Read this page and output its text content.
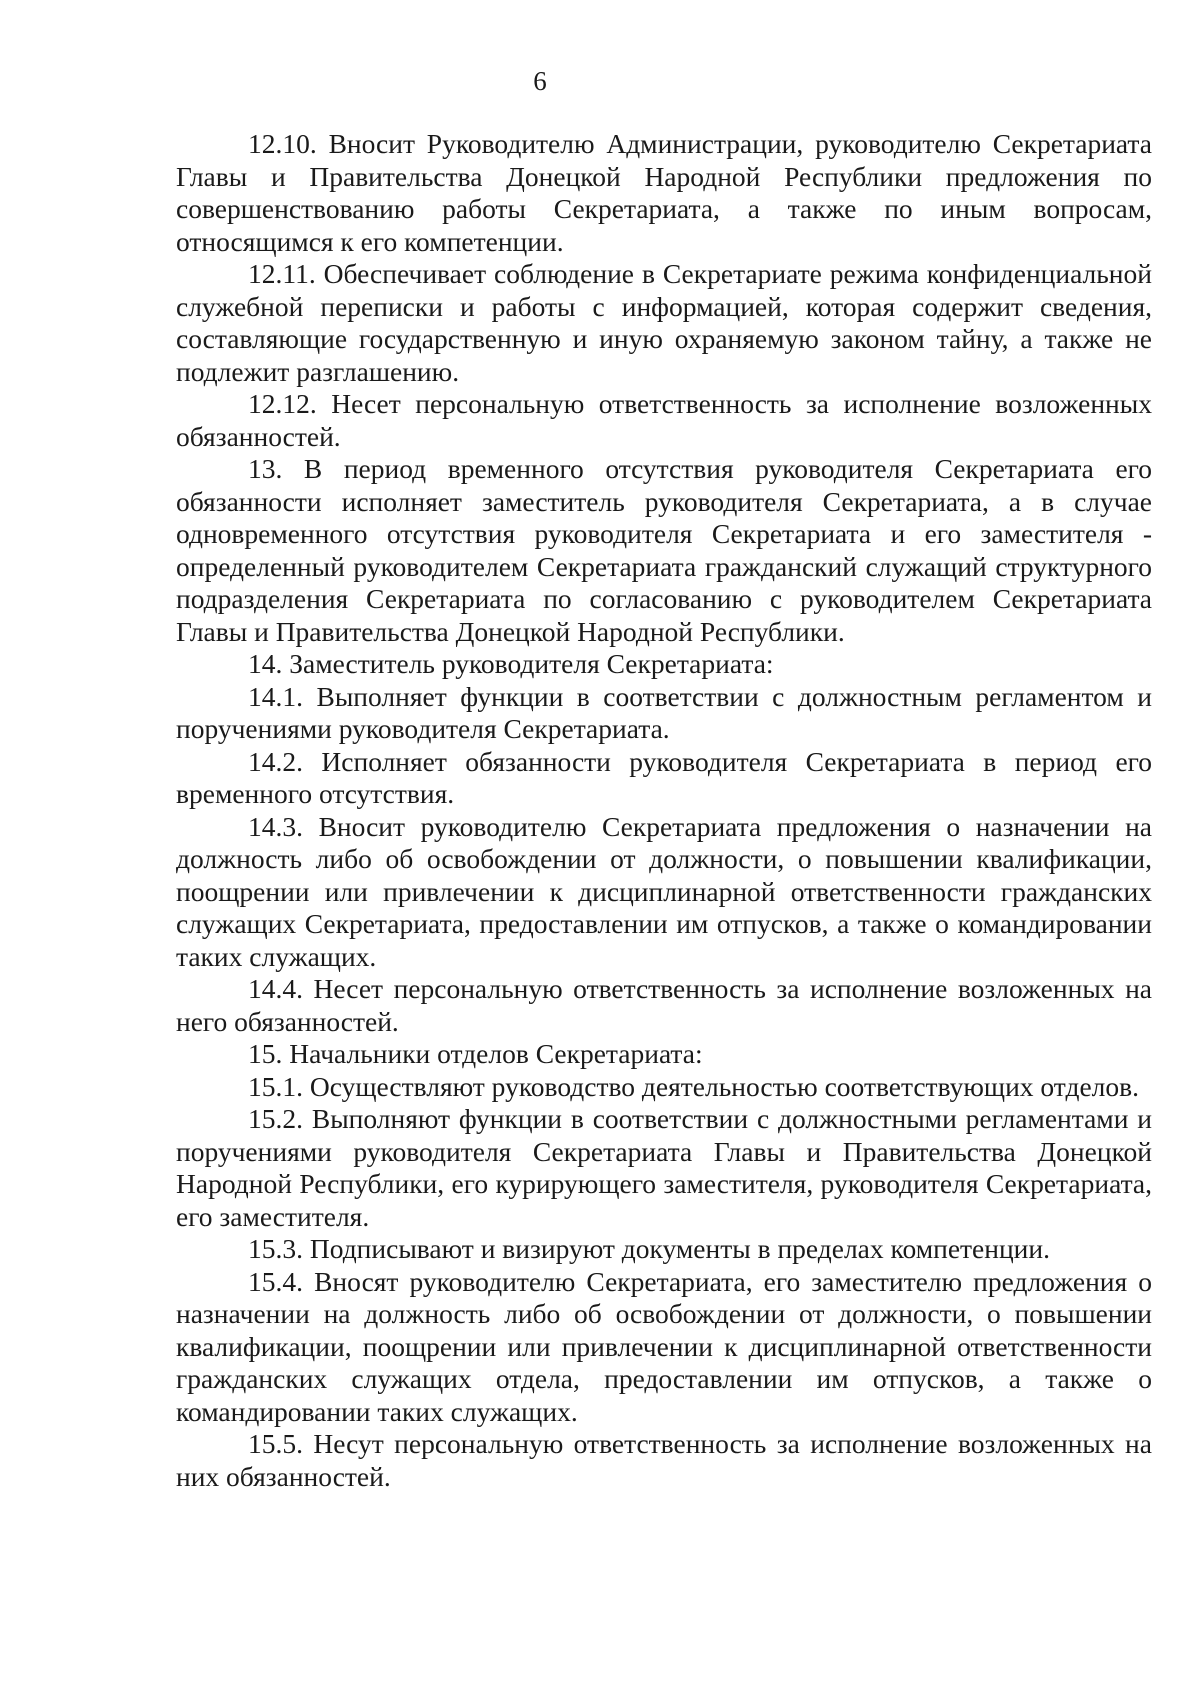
6

12.10. Вносит Руководителю Администрации, руководителю Секретариата Главы и Правительства Донецкой Народной Республики предложения по совершенствованию работы Секретариата, а также по иным вопросам, относящимся к его компетенции.

12.11. Обеспечивает соблюдение в Секретариате режима конфиденциальной служебной переписки и работы с информацией, которая содержит сведения, составляющие государственную и иную охраняемую законом тайну, а также не подлежит разглашению.

12.12. Несет персональную ответственность за исполнение возложенных обязанностей.

13. В период временного отсутствия руководителя Секретариата его обязанности исполняет заместитель руководителя Секретариата, а в случае одновременного отсутствия руководителя Секретариата и его заместителя - определенный руководителем Секретариата гражданский служащий структурного подразделения Секретариата по согласованию с руководителем Секретариата Главы и Правительства Донецкой Народной Республики.

14. Заместитель руководителя Секретариата:

14.1. Выполняет функции в соответствии с должностным регламентом и поручениями руководителя Секретариата.

14.2. Исполняет обязанности руководителя Секретариата в период его временного отсутствия.

14.3. Вносит руководителю Секретариата предложения о назначении на должность либо об освобождении от должности, о повышении квалификации, поощрении или привлечении к дисциплинарной ответственности гражданских служащих Секретариата, предоставлении им отпусков, а также о командировании таких служащих.

14.4. Несет персональную ответственность за исполнение возложенных на него обязанностей.

15. Начальники отделов Секретариата:

15.1. Осуществляют руководство деятельностью соответствующих отделов.

15.2. Выполняют функции в соответствии с должностными регламентами и поручениями руководителя Секретариата Главы и Правительства Донецкой Народной Республики, его курирующего заместителя, руководителя Секретариата, его заместителя.

15.3. Подписывают и визируют документы в пределах компетенции.

15.4. Вносят руководителю Секретариата, его заместителю предложения о назначении на должность либо об освобождении от должности, о повышении квалификации, поощрении или привлечении к дисциплинарной ответственности гражданских служащих отдела, предоставлении им отпусков, а также о командировании таких служащих.

15.5. Несут персональную ответственность за исполнение возложенных на них обязанностей.
